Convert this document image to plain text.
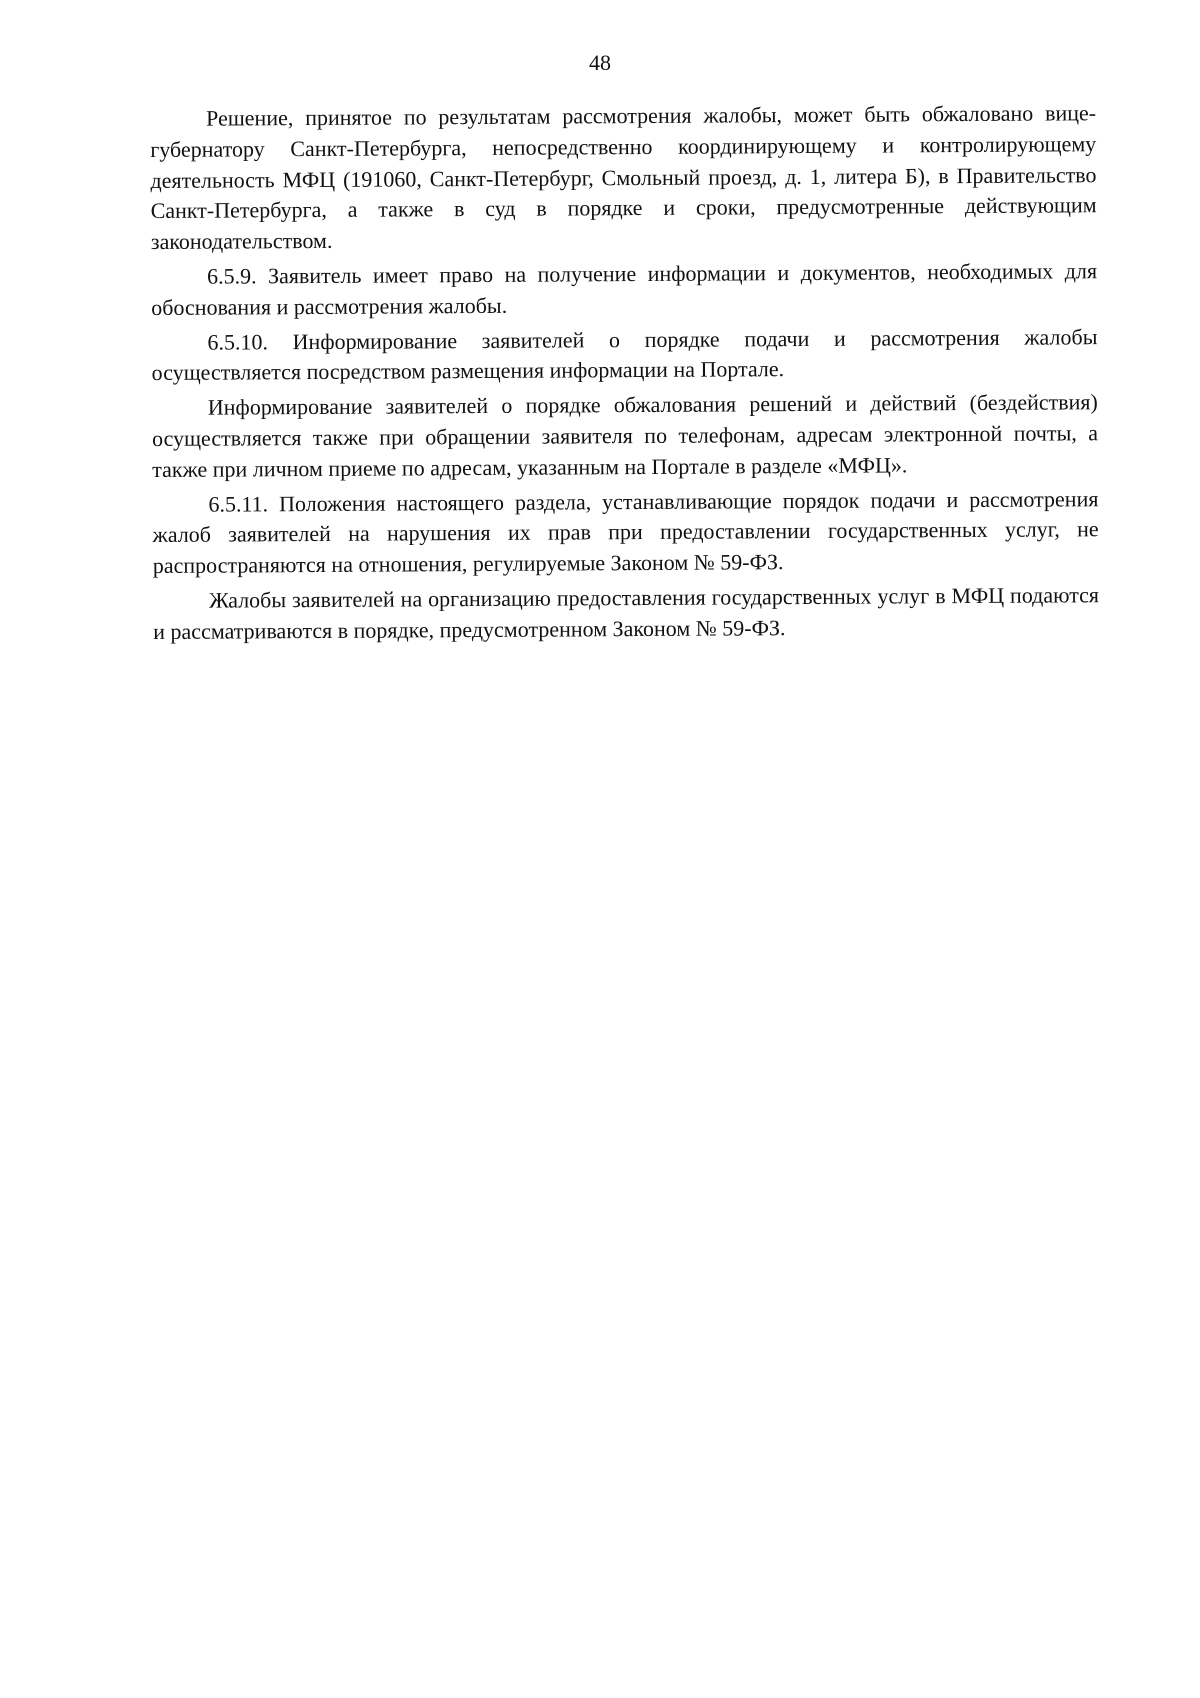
48

Решение, принятое по результатам рассмотрения жалобы, может быть обжаловано вице-губернатору Санкт-Петербурга, непосредственно координирующему и контролирующему деятельность МФЦ (191060, Санкт-Петербург, Смольный проезд, д. 1, литера Б), в Правительство Санкт-Петербурга, а также в суд в порядке и сроки, предусмотренные действующим законодательством.

6.5.9. Заявитель имеет право на получение информации и документов, необходимых для обоснования и рассмотрения жалобы.

6.5.10. Информирование заявителей о порядке подачи и рассмотрения жалобы осуществляется посредством размещения информации на Портале.

Информирование заявителей о порядке обжалования решений и действий (бездействия) осуществляется также при обращении заявителя по телефонам, адресам электронной почты, а также при личном приеме по адресам, указанным на Портале в разделе «МФЦ».

6.5.11. Положения настоящего раздела, устанавливающие порядок подачи и рассмотрения жалоб заявителей на нарушения их прав при предоставлении государственных услуг, не распространяются на отношения, регулируемые Законом № 59-ФЗ.

Жалобы заявителей на организацию предоставления государственных услуг в МФЦ подаются и рассматриваются в порядке, предусмотренном Законом № 59-ФЗ.
